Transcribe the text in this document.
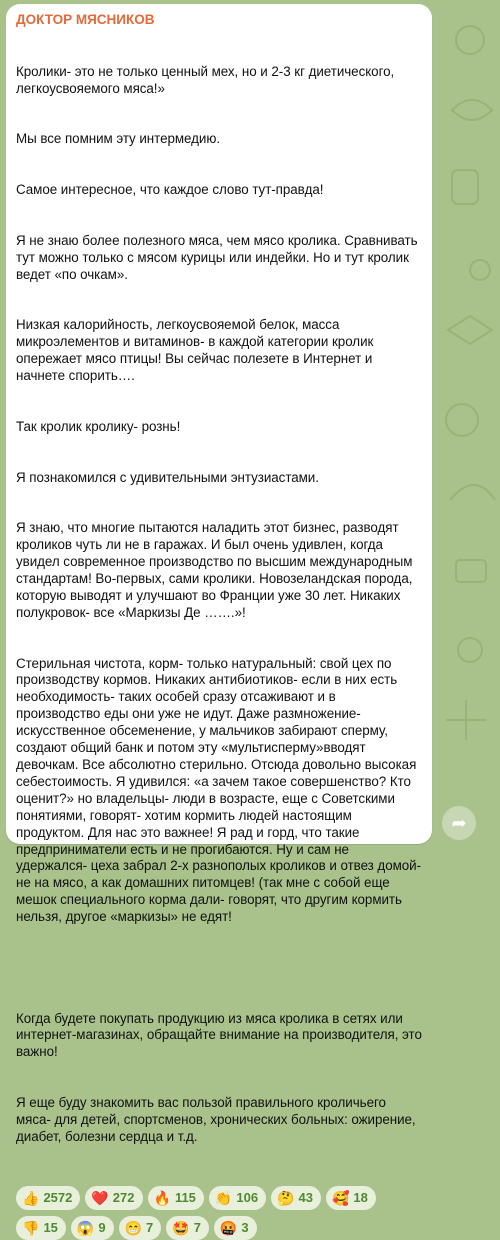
ДОКТОР МЯСНИКОВ

Кролики- это не только ценный мех, но и 2-3 кг диетического, легкоусвояемого мяса!»

Мы все помним эту интермедию.

Самое интересное, что каждое слово тут-правда!

Я не знаю более полезного мяса, чем мясо кролика. Сравнивать тут можно только с мясом курицы или индейки. Но и тут кролик ведет «по очкам».

Низкая калорийность, легкоусвояемой белок, масса микроэлементов и витаминов- в каждой категории кролик опережает мясо птицы! Вы сейчас полезете в Интернет и начнете спорить….

Так кролик кролику- рознь!

Я познакомился с удивительными энтузиастами.

Я знаю, что многие пытаются наладить этот бизнес, разводят кроликов чуть ли не в гаражах. И был очень удивлен, когда увидел современное производство по высшим международным стандартам! Во-первых, сами кролики. Новозеландская порода, которую выводят и улучшают во Франции уже 30 лет. Никаких полукровок- все «Маркизы Де …….»!

Стерильная чистота, корм- только натуральный: свой цех по производству кормов. Никаких антибиотиков- если в них есть необходимость- таких особей сразу отсаживают и в производство еды они уже не идут. Даже размножение- искусственное обсеменение, у мальчиков забирают сперму, создают общий банк и потом эту «мультисперму»вводят девочкам. Все абсолютно стерильно. Отсюда довольно высокая себестоимость. Я удивился: «а зачем такое совершенство? Кто оценит?» но владельцы- люди в возрасте, еще с Советскими понятиями, говорят- хотим кормить людей настоящим продуктом. Для нас это важнее! Я рад и горд, что такие предприниматели есть и не прогибаются. Ну и сам не удержался- цеха забрал 2-х разнополых кроликов и отвез домой- не на мясо, а как домашних питомцев! (так мне с собой еще мешок специального корма дали- говорят, что другим кормить нельзя, другое «маркизы» не едят!

Когда будете покупать продукцию из мяса кролика в сетях или интернет-магазинах, обращайте внимание на производителя, это важно!

Я еще буду знакомить вас пользой правильного кроличьего мяса- для детей, спортсменов, хронических больных: ожирение, диабет, болезни сердца и т.д.

👍 2572 ❤️ 272 🔥 115 👏 106 🤔 43 🥰 18
👎 15 😱 9 😁 7 🤩 7 🤬 3
➦
